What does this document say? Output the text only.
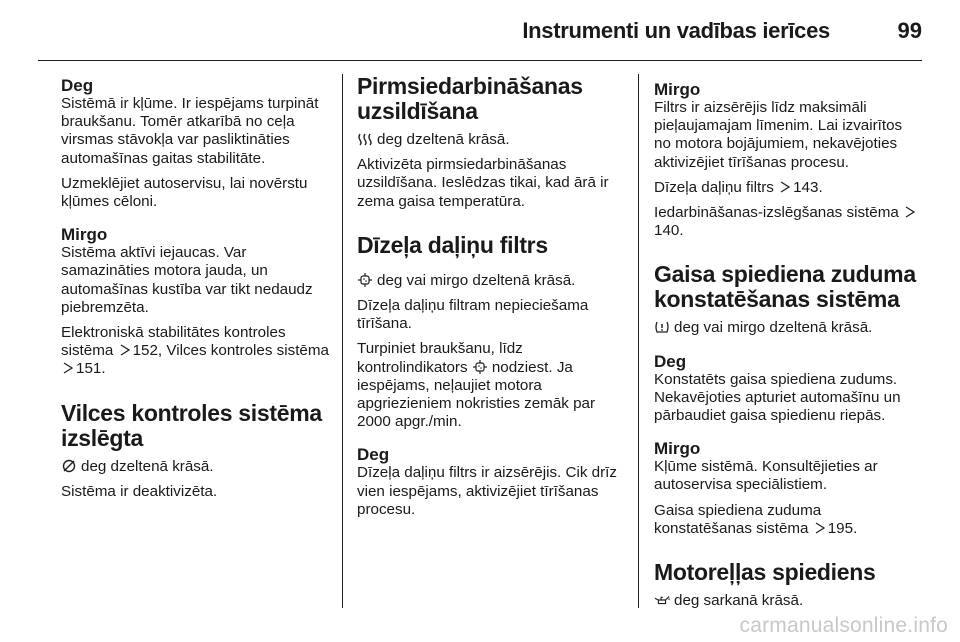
Instrumenti un vadības ierīces	99
Deg

Sistēmā ir kļūme. Ir iespējams turpināt braukšanu. Tomēr atkarībā no ceļa virsmas stāvokļa var pasliktināties automašīnas gaitas stabilitāte.

Uzmeklējiet autoservisu, lai novērstu kļūmes cēloni.

Mirgo

Sistēma aktīvi iejaucas. Var samazināties motora jauda, un automašīnas kustība var tikt nedaudz piebremzēta.

Elektroniskā stabilitātes kontroles sistēma 152, Vilces kontroles sistēma 151.

Vilces kontroles sistēma izslēgta

deg dzeltenā krāsā.

Sistēma ir deaktivizēta.

Pirmsiedarbināšanas uzsildīšana

deg dzeltenā krāsā.

Aktivizēta pirmsiedarbināšanas uzsildīšana. Ieslēdzas tikai, kad ārā ir zema gaisa temperatūra.

Dīzeļa daļiņu filtrs

deg vai mirgo dzeltenā krāsā.

Dīzeļa daļiņu filtram nepieciešama tīrīšana.

Turpiniet braukšanu, līdz kontrolindikators nodziest. Ja iespējams, neļaujiet motora apgriezieniem nokristies zemāk par 2000 apgr./min.

Deg

Dīzeļa daļiņu filtrs ir aizsērējis. Cik drīz vien iespējams, aktivizējiet tīrīšanas procesu.

Mirgo

Filtrs ir aizsērējis līdz maksimāli pieļaujamajam līmenim. Lai izvairītos no motora bojājumiem, nekavējoties aktivizējiet tīrīšanas procesu.

Dīzeļa daļiņu filtrs 143.

Iedarbināšanas-izslēgšanas sistēma 140.

Gaisa spiediena zuduma konstatēšanas sistēma

deg vai mirgo dzeltenā krāsā.

Deg

Konstatēts gaisa spiediena zudums. Nekavējoties apturiet automašīnu un pārbaudiet gaisa spiedienu riepās.

Mirgo

Kļūme sistēmā. Konsultējieties ar autoservisa speciālistiem.

Gaisa spiediena zuduma konstatēšanas sistēma 195.

Motoreļļas spiediens

deg sarkanā krāsā.

carmanualsonline.info
